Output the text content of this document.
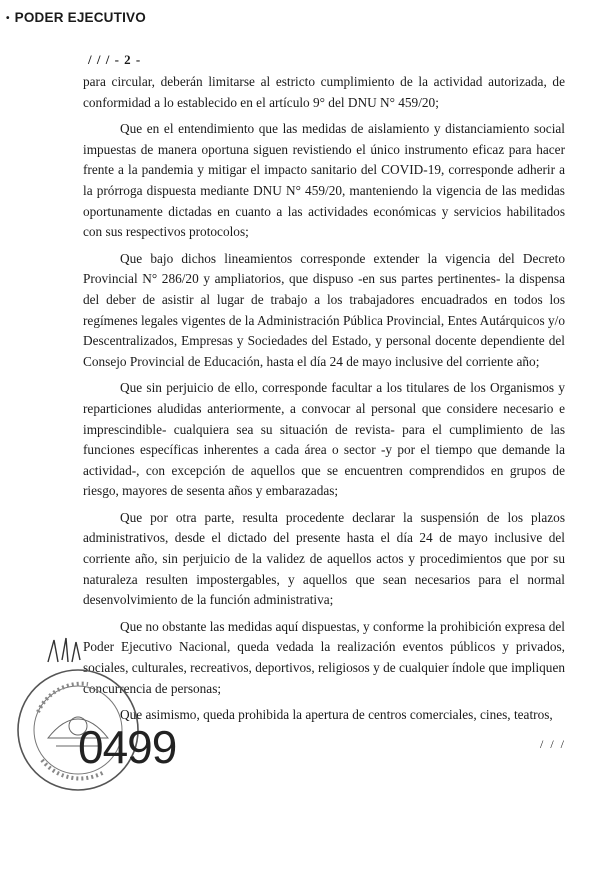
• PODER EJECUTIVO
/ / / - 2 -

para circular, deberán limitarse al estricto cumplimiento de la actividad autorizada, de conformidad a lo establecido en el artículo 9° del DNU N° 459/20;

Que en el entendimiento que las medidas de aislamiento y distanciamiento social impuestas de manera oportuna siguen revistiendo el único instrumento eficaz para hacer frente a la pandemia y mitigar el impacto sanitario del COVID-19, corresponde adherir a la prórroga dispuesta mediante DNU N° 459/20, manteniendo la vigencia de las medidas oportunamente dictadas en cuanto a las actividades económicas y servicios habilitados con sus respectivos protocolos;

Que bajo dichos lineamientos corresponde extender la vigencia del Decreto Provincial N° 286/20 y ampliatorios, que dispuso -en sus partes pertinentes- la dispensa del deber de asistir al lugar de trabajo a los trabajadores encuadrados en todos los regímenes legales vigentes de la Administración Pública Provincial, Entes Autárquicos y/o Descentralizados, Empresas y Sociedades del Estado, y personal docente dependiente del Consejo Provincial de Educación, hasta el día 24 de mayo inclusive del corriente año;

Que sin perjuicio de ello, corresponde facultar a los titulares de los Organismos y reparticiones aludidas anteriormente, a convocar al personal que considere necesario e imprescindible- cualquiera sea su situación de revista- para el cumplimiento de las funciones específicas inherentes a cada área o sector -y por el tiempo que demande la actividad-, con excepción de aquellos que se encuentren comprendidos en grupos de riesgo, mayores de sesenta años y embarazadas;

Que por otra parte, resulta procedente declarar la suspensión de los plazos administrativos, desde el dictado del presente hasta el día 24 de mayo inclusive del corriente año, sin perjuicio de la validez de aquellos actos y procedimientos que por su naturaleza resulten impostergables, y aquellos que sean necesarios para el normal desenvolvimiento de la función administrativa;

Que no obstante las medidas aquí dispuestas, y conforme la prohibición expresa del Poder Ejecutivo Nacional, queda vedada la realización eventos públicos y privados, sociales, culturales, recreativos, deportivos, religiosos y de cualquier índole que impliquen concurrencia de personas;

Que asimismo, queda prohibida la apertura de centros comerciales, cines, teatros,

/ / /
0499
